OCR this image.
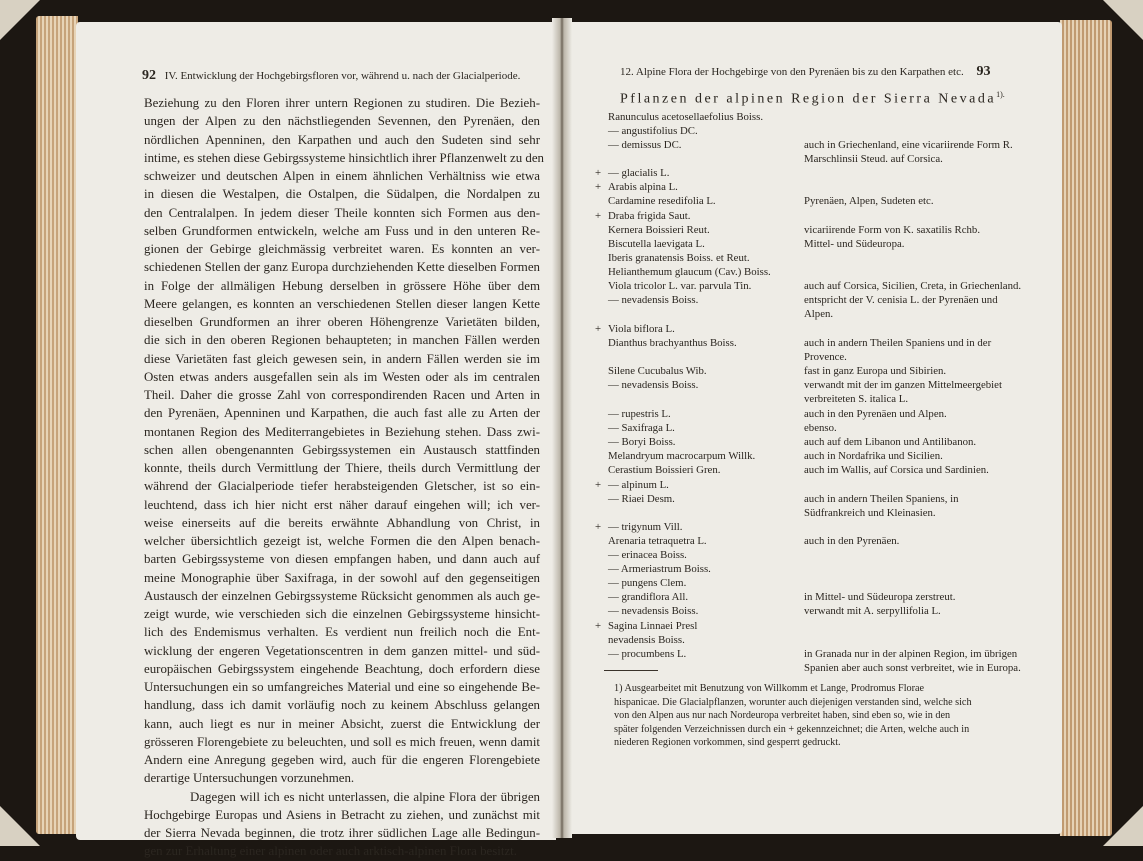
92 IV. Entwicklung der Hochgebirgsfloren vor, während u. nach der Glacialperiode.
Beziehung zu den Floren ihrer untern Regionen zu studiren. Die Bezieh-
ungen der Alpen zu den nächstliegenden Sevennen, den Pyrenäen, den
nördlichen Apenninen, den Karpathen und auch den Sudeten sind sehr
intime, es stehen diese Gebirgssysteme hinsichtlich ihrer Pflanzenwelt zu den
schweizer und deutschen Alpen in einem ähnlichen Verhältniss wie etwa
in diesen die Westalpen, die Ostalpen, die Südalpen, die Nordalpen zu
den Centralalpen. In jedem dieser Theile konnten sich Formen aus den-
selben Grundformen entwickeln, welche am Fuss und in den unteren Re-
gionen der Gebirge gleichmässig verbreitet waren. Es konnten an ver-
schiedenen Stellen der ganz Europa durchziehenden Kette dieselben Formen
in Folge der allmäligen Hebung derselben in grössere Höhe über dem
Meere gelangen, es konnten an verschiedenen Stellen dieser langen Kette
dieselben Grundformen an ihrer oberen Höhengrenze Varietäten bilden,
die sich in den oberen Regionen behaupteten; in manchen Fällen werden
diese Varietäten fast gleich gewesen sein, in andern Fällen werden sie im
Osten etwas anders ausgefallen sein als im Westen oder als im centralen
Theil. Daher die grosse Zahl von correspondirenden Racen und Arten in
den Pyrenäen, Apenninen und Karpathen, die auch fast alle zu Arten der
montanen Region des Mediterrangebietes in Beziehung stehen. Dass zwi-
schen allen obengenannten Gebirgssystemen ein Austausch stattfinden
konnte, theils durch Vermittlung der Thiere, theils durch Vermittlung der
während der Glacialperiode tiefer herabsteigenden Gletscher, ist so ein-
leuchtend, dass ich hier nicht erst näher darauf eingehen will; ich ver-
weise einerseits auf die bereits erwähnte Abhandlung von Christ, in
welcher übersichtlich gezeigt ist, welche Formen die den Alpen benach-
barten Gebirgssysteme von diesen empfangen haben, und dann auch auf
meine Monographie über Saxifraga, in der sowohl auf den gegenseitigen
Austausch der einzelnen Gebirgssysteme Rücksicht genommen als auch ge-
zeigt wurde, wie verschieden sich die einzelnen Gebirgssysteme hinsicht-
lich des Endemismus verhalten. Es verdient nun freilich noch die Ent-
wicklung der engeren Vegetationscentren in dem ganzen mittel- und süd-
europäischen Gebirgssystem eingehende Beachtung, doch erfordern diese
Untersuchungen ein so umfangreiches Material und eine so eingehende Be-
handlung, dass ich damit vorläufig noch zu keinem Abschluss gelangen
kann, auch liegt es nur in meiner Absicht, zuerst die Entwicklung der
grösseren Florengebiete zu beleuchten, und soll es mich freuen, wenn damit
Andern eine Anregung gegeben wird, auch für die engeren Florengebiete
derartige Untersuchungen vorzunehmen.
Dagegen will ich es nicht unterlassen, die alpine Flora der übrigen
Hochgebirge Europas und Asiens in Betracht zu ziehen, und zunächst mit
der Sierra Nevada beginnen, die trotz ihrer südlichen Lage alle Bedingun-
gen zur Erhaltung einer alpinen oder auch arktisch-alpinen Flora besitzt.
12. Alpine Flora der Hochgebirge von den Pyrenäen bis zu den Karpathen etc. 93
Pflanzen der alpinen Region der Sierra Nevada$^{1).}$
Ranunculus acetosellaefolius Boiss.
— angustifolius DC.
— demissus DC.	auch in Griechenland, eine vicariirende Form R. Marschlinsii Steud. auf Corsica.
+ — glacialis L.
+ Arabis alpina L.
Cardamine resedifolia L.	Pyrenäen, Alpen, Sudeten etc.
+ Draba frigida Saut.
Kernera Boissieri Reut.	vicariirende Form von K. saxatilis Rchb.
Biscutella laevigata L.	Mittel- und Südeuropa.
Iberis granatensis Boiss. et Reut.
Helianthemum glaucum (Cav.) Boiss.
Viola tricolor L. var. parvula Tin.	auch auf Corsica, Sicilien, Creta, in Griechenland.
— nevadensis Boiss.	entspricht der V. cenisia L. der Pyrenäen und Alpen.
+ Viola biflora L.
Dianthus brachyanthus Boiss.	auch in andern Theilen Spaniens und in der Provence.
Silene Cucubalus Wib.	fast in ganz Europa und Sibirien.
— nevadensis Boiss.	verwandt mit der im ganzen Mittelmeergebiet verbreiteten S. italica L.
— rupestris L.	auch in den Pyrenäen und Alpen.
— Saxifraga L.	ebenso.
— Boryi Boiss.	auch auf dem Libanon und Antilibanon.
Melandryum macrocarpum Willk.	auch in Nordafrika und Sicilien.
Cerastium Boissieri Gren.	auch im Wallis, auf Corsica und Sardinien.
+ — alpinum L.
— Riaei Desm.	auch in andern Theilen Spaniens, in Südfrankreich und Kleinasien.
+ — trigynum Vill.
Arenaria tetraquetra L.	auch in den Pyrenäen.
— erinacea Boiss.
— Armeriastrum Boiss.
— pungens Clem.
— grandiflora All.	in Mittel- und Südeuropa zerstreut.
— nevadensis Boiss.	verwandt mit A. serpyllifolia L.
+ Sagina Linnaei Presl
nevadensis Boiss.
— procumbens L.	in Granada nur in der alpinen Region, im übrigen Spanien aber auch sonst verbreitet, wie in Europa.
1) Ausgearbeitet mit Benutzung von Willkomm et Lange, Prodromus Florae
hispanicae. Die Glacialpflanzen, worunter auch diejenigen verstanden sind, welche sich
von den Alpen aus nur nach Nordeuropa verbreitet haben, sind eben so, wie in den
später folgenden Verzeichnissen durch ein + gekennzeichnet; die Arten, welche auch in
niederen Regionen vorkommen, sind gesperrt gedruckt.
